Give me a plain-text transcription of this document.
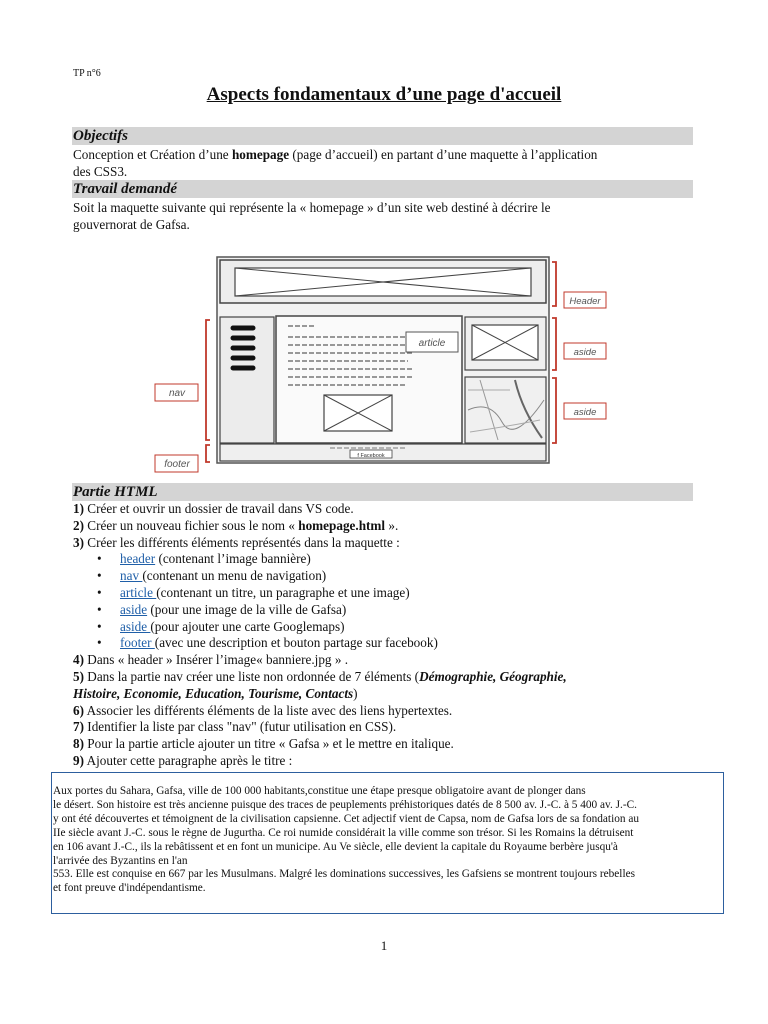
TP n°6
Aspects fondamentaux d’une page d'accueil
Objectifs
Conception et Création d’une homepage (page d’accueil) en partant d’une maquette à l’application
des CSS3.
Travail demandé
Soit la maquette suivante qui représente la « homepage » d’un site web destiné à décrire le
gouvernorat de Gafsa.
article
f Facebook
nav
footer
Header
aside
aside
Partie HTML
1) Créer et ouvrir un dossier de travail dans VS code.
2) Créer un nouveau fichier sous le nom « homepage.html ».
3) Créer les différents éléments représentés dans la maquette :
• header (contenant l’image bannière)
• nav (contenant un menu de navigation)
• article (contenant un titre, un paragraphe et une image)
• aside (pour une image de la ville de Gafsa)
• aside (pour ajouter une carte Googlemaps)
• footer (avec une description et bouton partage sur facebook)
4) Dans « header » Insérer l’image« banniere.jpg » .
5) Dans la partie nav créer une liste non ordonnée de 7 éléments (Démographie, Géographie,
Histoire, Economie, Education, Tourisme, Contacts)
6) Associer les différents éléments de la liste avec des liens hypertextes.
7) Identifier la liste par class "nav" (futur utilisation en CSS).
8) Pour la partie article ajouter un titre « Gafsa » et le mettre en italique.
9) Ajouter cette paragraphe après le titre :
Aux portes du Sahara, Gafsa, ville de 100 000 habitants,constitue une étape presque obligatoire avant de plonger dans
le désert. Son histoire est très ancienne puisque des traces de peuplements préhistoriques datés de 8 500 av. J.-C. à 5 400 av. J.-C.
y ont été découvertes et témoignent de la civilisation capsienne. Cet adjectif vient de Capsa, nom de Gafsa lors de sa fondation au
IIe siècle avant J.-C. sous le règne de Jugurtha. Ce roi numide considérait la ville comme son trésor. Si les Romains la détruisent
en 106 avant J.-C., ils la rebâtissent et en font un municipe. Au Ve siècle, elle devient la capitale du Royaume berbère jusqu'à
l'arrivée des Byzantins en l'an
553. Elle est conquise en 667 par les Musulmans. Malgré les dominations successives, les Gafsiens se montrent toujours rebelles
et font preuve d'indépendantisme.
1
